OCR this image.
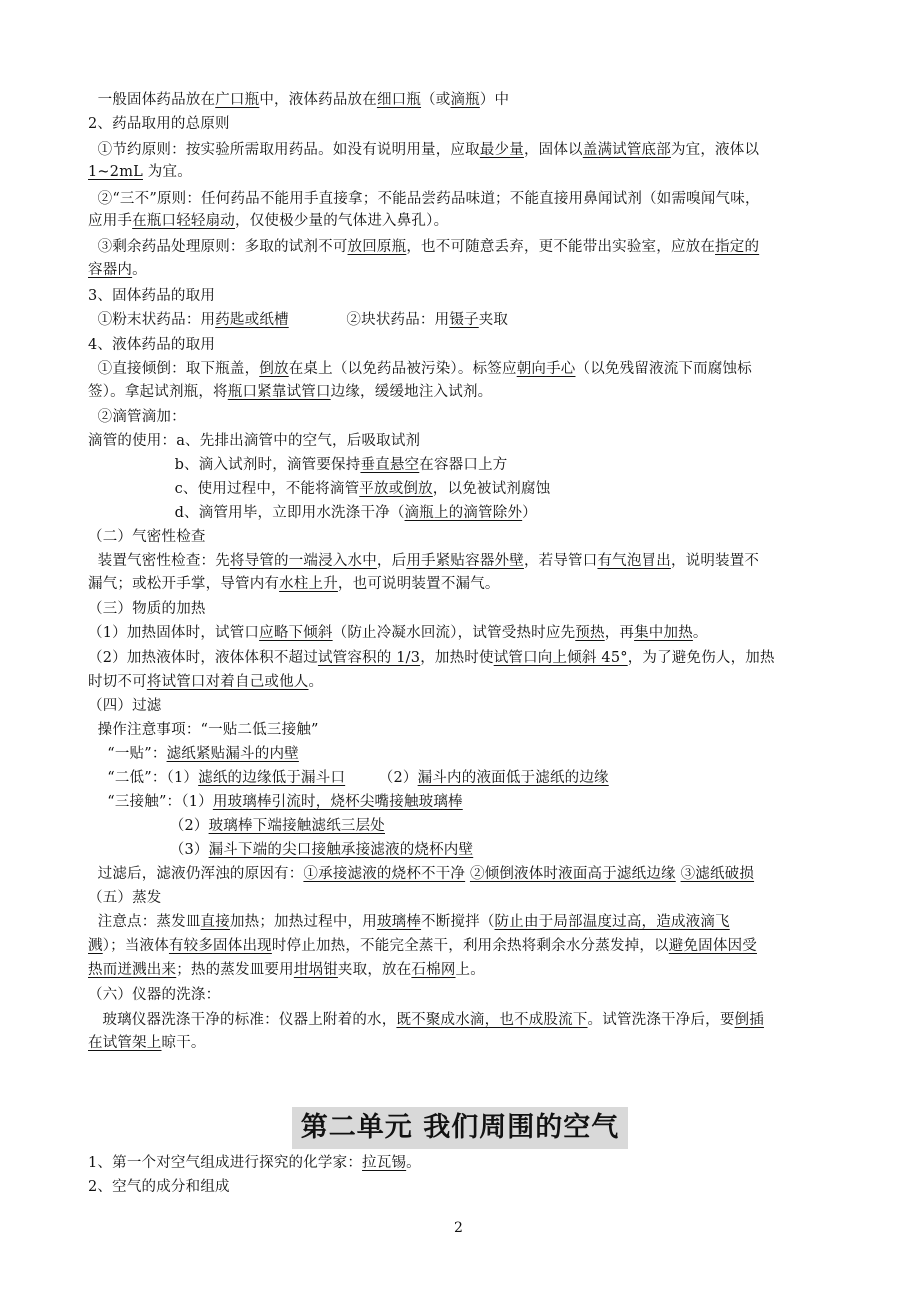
一般固体药品放在广口瓶中，液体药品放在细口瓶（或滴瓶）中
2、药品取用的总原则
①节约原则：按实验所需取用药品。如没有说明用量，应取最少量，固体以盖满试管底部为宜，液体以
1~2mL 为宜。
②“三不”原则：任何药品不能用手直接拿；不能品尝药品味道；不能直接用鼻闻试剂（如需嗅闻气味，
应用手在瓶口轻轻扇动，仅使极少量的气体进入鼻孔）。
③剩余药品处理原则：多取的试剂不可放回原瓶，也不可随意丢弃，更不能带出实验室，应放在指定的
容器内。
3、固体药品的取用
①粉末状药品：用药匙或纸槽            ②块状药品：用镊子夹取
4、液体药品的取用
①直接倾倒：取下瓶盖，倒放在桌上（以免药品被污染）。标签应朝向手心（以免残留液流下而腐蚀标
签）。拿起试剂瓶，将瓶口紧靠试管口边缘，缓缓地注入试剂。
②滴管滴加：
滴管的使用：a、先排出滴管中的空气，后吸取试剂
b、滴入试剂时，滴管要保持垂直悬空在容器口上方
c、使用过程中，不能将滴管平放或倒放，以免被试剂腐蚀
d、滴管用毕，立即用水洗涤干净（滴瓶上的滴管除外）
（二）气密性检查
装置气密性检查：先将导管的一端浸入水中，后用手紧贴容器外壁，若导管口有气泡冒出，说明装置不
漏气；或松开手掌，导管内有水柱上升，也可说明装置不漏气。
（三）物质的加热
（1）加热固体时，试管口应略下倾斜（防止冷凝水回流），试管受热时应先预热，再集中加热。
（2）加热液体时，液体体积不超过试管容积的 1/3，加热时使试管口向上倾斜 45°，为了避免伤人，加热
时切不可将试管口对着自己或他人。
（四）过滤
操作注意事项：“一贴二低三接触”
“一贴”：滤纸紧贴漏斗的内壁
“二低”：（1）滤纸的边缘低于漏斗口       （2）漏斗内的液面低于滤纸的边缘
“三接触”：（1）用玻璃棒引流时，烧杯尖嘴接触玻璃棒
（2）玻璃棒下端接触滤纸三层处
（3）漏斗下端的尖口接触承接滤液的烧杯内壁
过滤后，滤液仍浑浊的原因有：①承接滤液的烧杯不干净 ②倾倒液体时液面高于滤纸边缘 ③滤纸破损
（五）蒸发
注意点：蒸发皿直接加热；加热过程中，用玻璃棒不断搅拌（防止由于局部温度过高，造成液滴飞
溅）；当液体有较多固体出现时停止加热，不能完全蒸干，利用余热将剩余水分蒸发掉，以避免固体因受
热而迸溅出来；热的蒸发皿要用坩埚钳夹取，放在石棉网上。
（六）仪器的洗涤：
玻璃仪器洗涤干净的标准：仪器上附着的水，既不聚成水滴，也不成股流下。试管洗涤干净后，要倒插
在试管架上晾干。
第二单元 我们周围的空气
1、第一个对空气组成进行探究的化学家：拉瓦锡。
2、空气的成分和组成
2
